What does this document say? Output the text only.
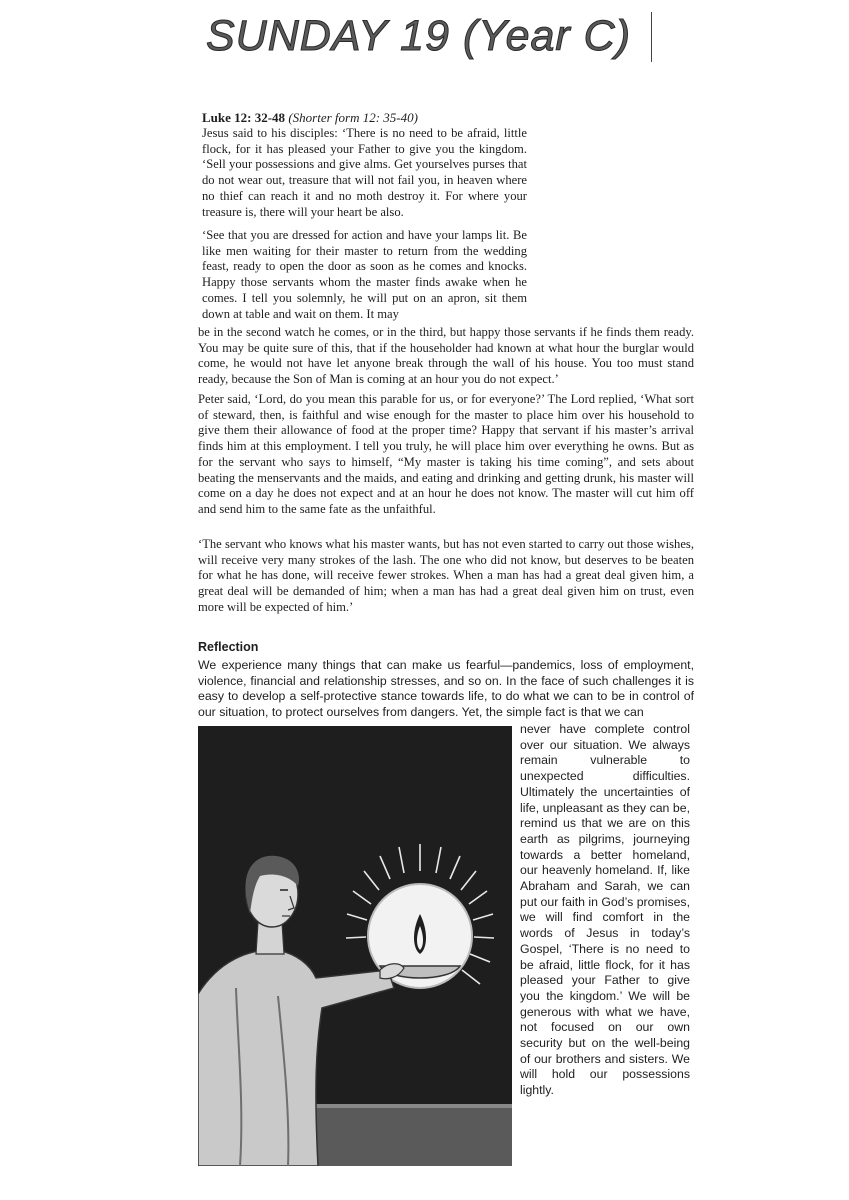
SUNDAY 19 (Year C)
Luke 12: 32-48 (Shorter form 12: 35-40)

Jesus said to his disciples: ‘There is no need to be afraid, little flock, for it has pleased your Father to give you the kingdom. ‘Sell your possessions and give alms. Get yourselves purses that do not wear out, treasure that will not fail you, in heaven where no thief can reach it and no moth destroy it. For where your treasure is, there will your heart be also.

‘See that you are dressed for action and have your lamps lit. Be like men waiting for their master to return from the wedding feast, ready to open the door as soon as he comes and knocks. Happy those servants whom the master finds awake when he comes. I tell you solemnly, he will put on an apron, sit them down at table and wait on them. It may

be in the second watch he comes, or in the third, but happy those servants if he finds them ready. You may be quite sure of this, that if the householder had known at what hour the burglar would come, he would not have let anyone break through the wall of his house. You too must stand ready, because the Son of Man is coming at an hour you do not expect.’

Peter said, ‘Lord, do you mean this parable for us, or for everyone?’ The Lord replied, ‘What sort of steward, then, is faithful and wise enough for the master to place him over his household to give them their allowance of food at the proper time? Happy that servant if his master’s arrival finds him at this employment. I tell you truly, he will place him over everything he owns. But as for the servant who says to himself, “My master is taking his time coming”, and sets about beating the menservants and the maids, and eating and drinking and getting drunk, his master will come on a day he does not expect and at an hour he does not know. The master will cut him off and send him to the same fate as the unfaithful.

‘The servant who knows what his master wants, but has not even started to carry out those wishes, will receive very many strokes of the lash. The one who did not know, but deserves to be beaten for what he has done, will receive fewer strokes. When a man has had a great deal given him, a great deal will be demanded of him; when a man has had a great deal given him on trust, even more will be expected of him.’

Reflection

We experience many things that can make us fearful—pandemics, loss of employment, violence, financial and relationship stresses, and so on. In the face of such challenges it is easy to develop a self-protective stance towards life, to do what we can to be in control of our situation, to protect ourselves from dangers. Yet, the simple fact is that we can

never have complete control over our situation. We always remain vulnerable to unexpected difficulties. Ultimately the uncertainties of life, unpleasant as they can be, remind us that we are on this earth as pilgrims, journeying towards a better homeland, our heavenly homeland. If, like Abraham and Sarah, we can put our faith in God’s promises, we will find comfort in the words of Jesus in today’s Gospel, ‘There is no need to be afraid, little flock, for it has pleased your Father to give you the kingdom.’ We will be generous with what we have, not focused on our own security but on the well-being of our brothers and sisters. We will hold our possessions lightly.
